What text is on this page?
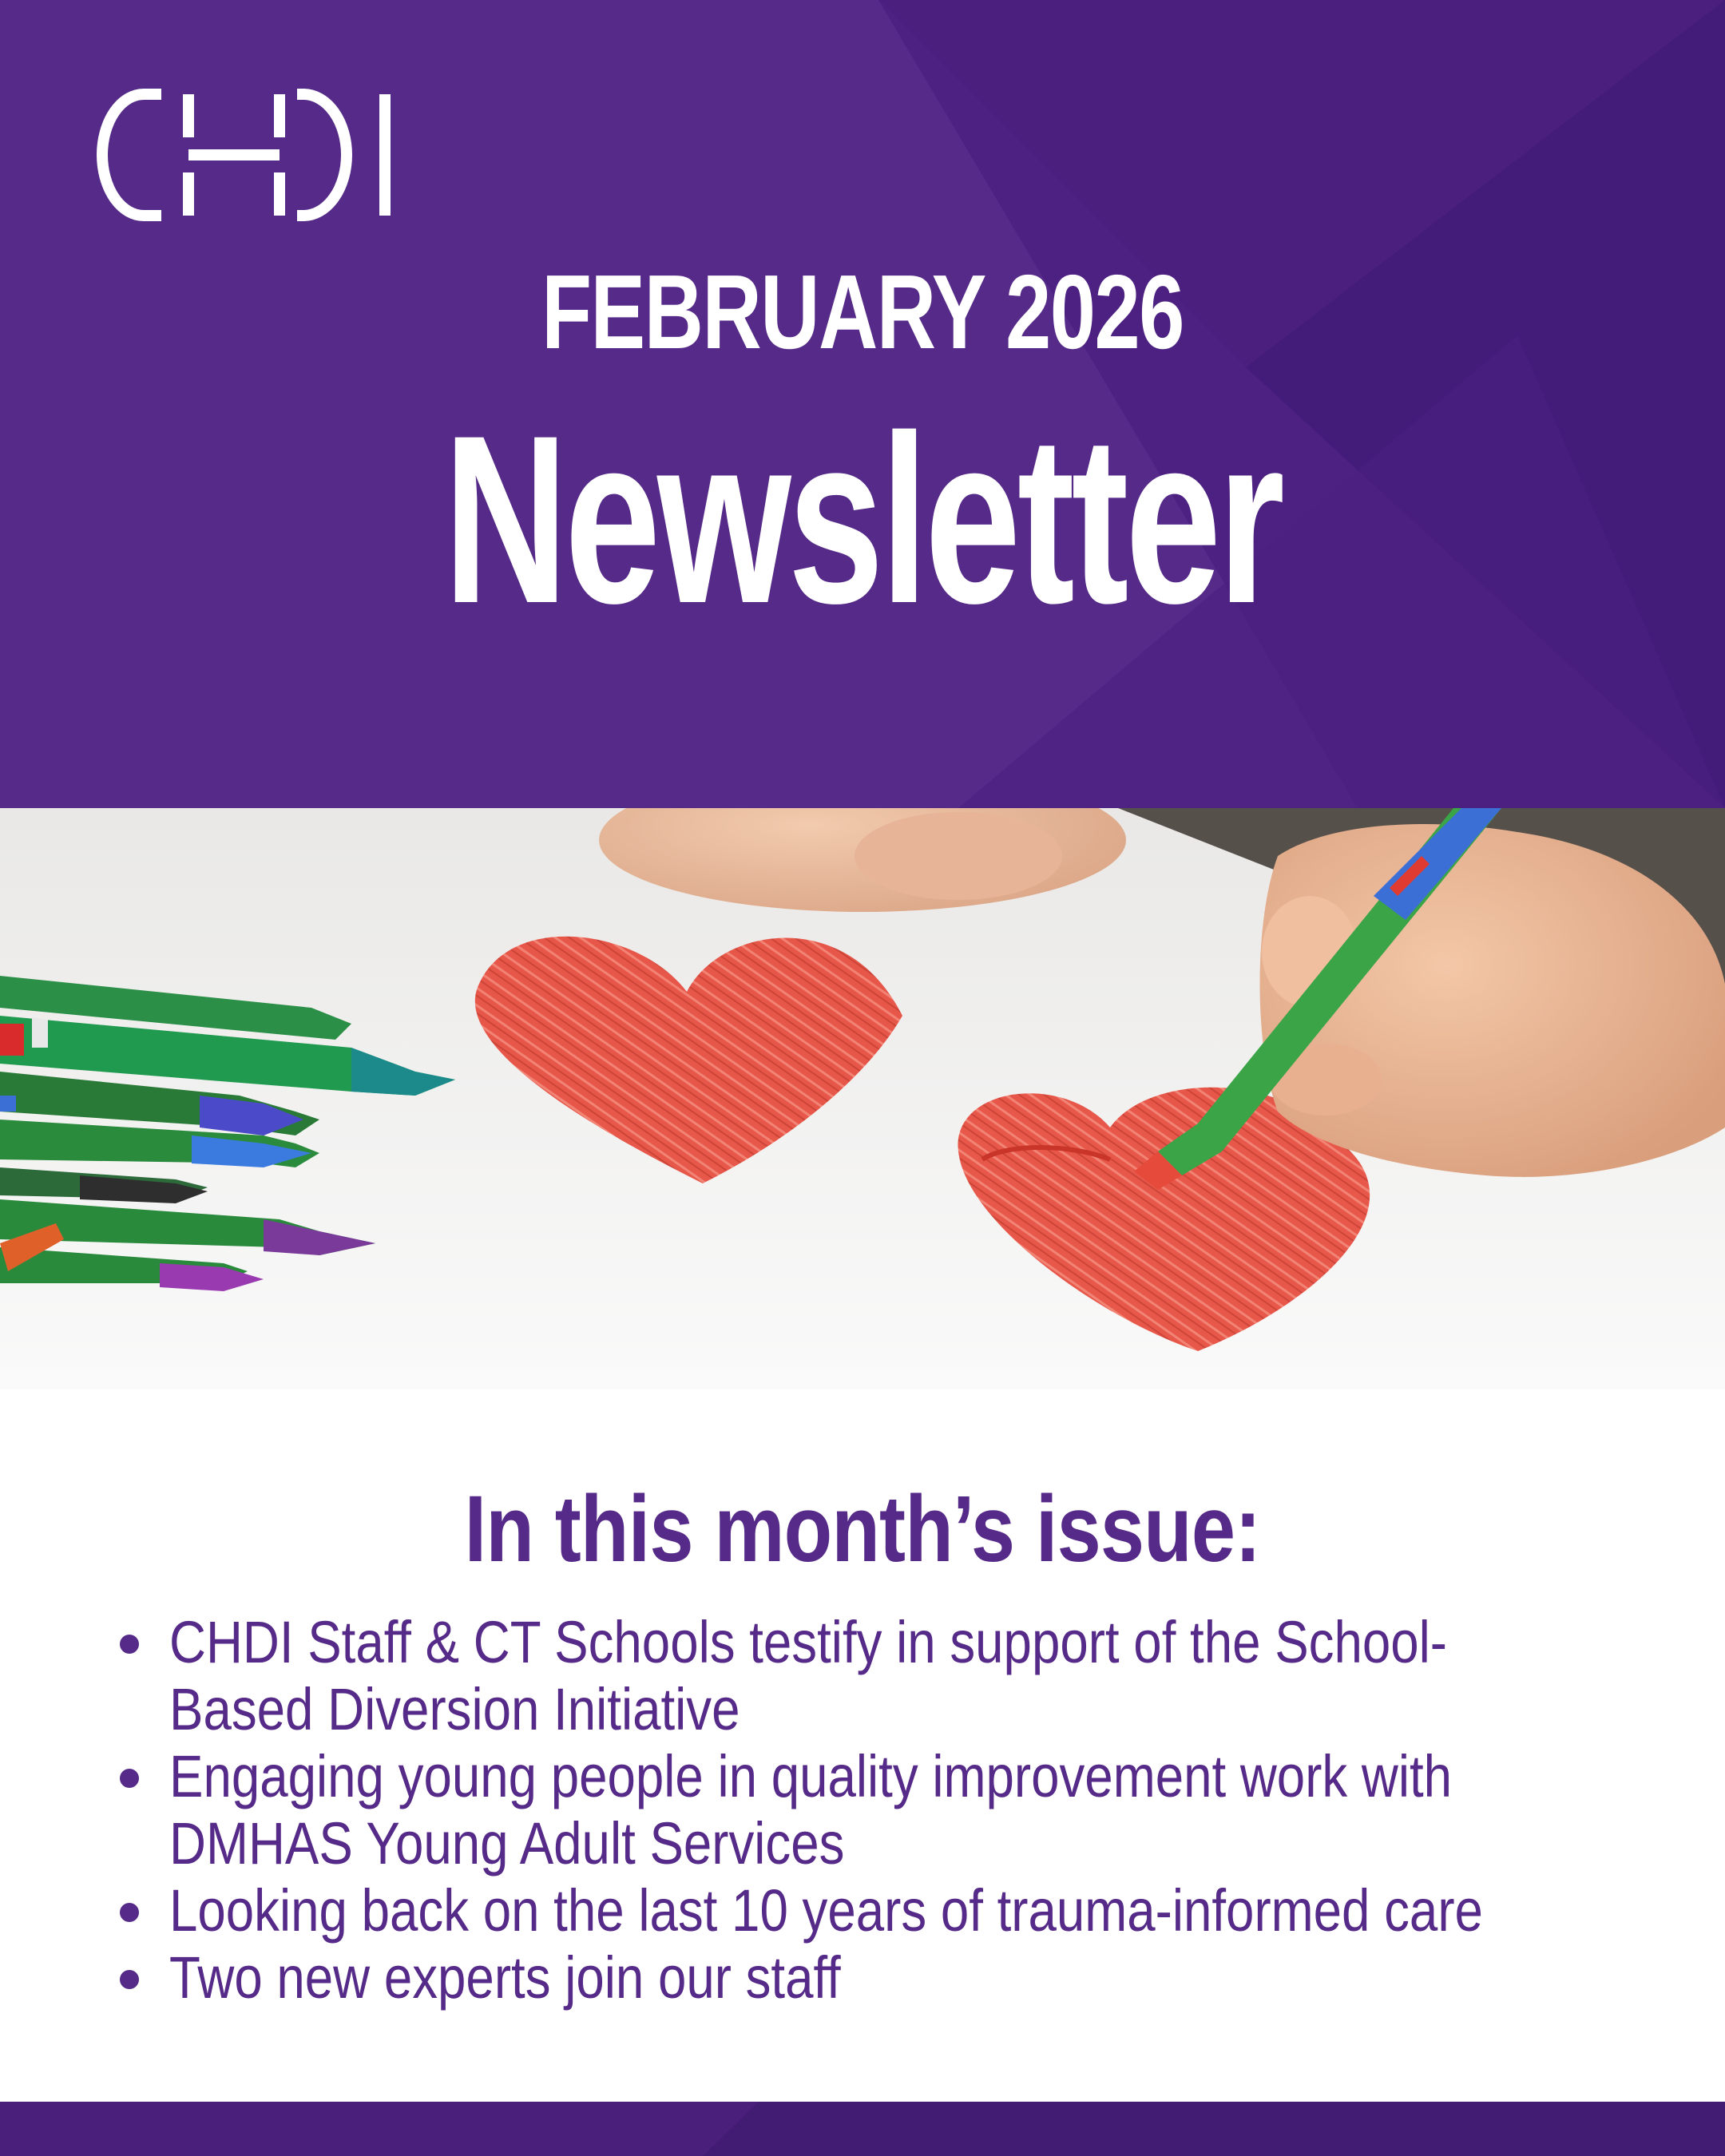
FEBRUARY 2026
Newsletter
In this month’s issue:
CHDI Staff & CT Schools testify in support of the School-Based Diversion Initiative
Engaging young people in quality improvement work with DMHAS Young Adult Services
Looking back on the last 10 years of trauma-informed care
Two new experts join our staff
